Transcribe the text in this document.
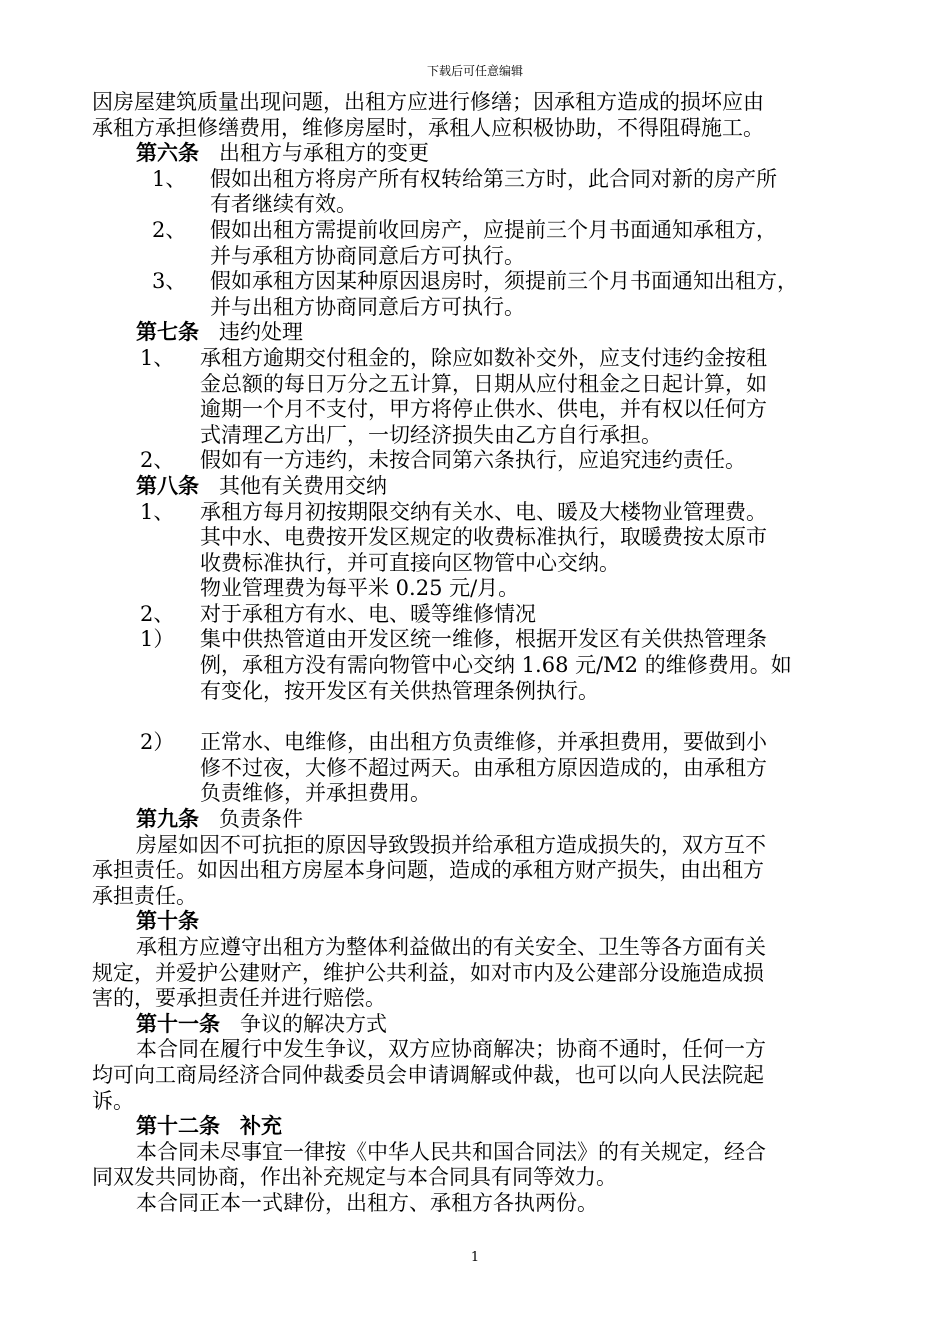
下载后可任意编辑

因房屋建筑质量出现问题，出租方应进行修缮；因承租方造成的损坏应由

承租方承担修缮费用，维修房屋时，承租人应积极协助，不得阻碍施工。

第六条 出租方与承租方的变更

1、 假如出租方将房产所有权转给第三方时，此合同对新的房产所

有者继续有效。

2、 假如出租方需提前收回房产，应提前三个月书面通知承租方，

并与承租方协商同意后方可执行。

3、 假如承租方因某种原因退房时，须提前三个月书面通知出租方，

并与出租方协商同意后方可执行。

第七条 违约处理

1、 承租方逾期交付租金的，除应如数补交外，应支付违约金按租

金总额的每日万分之五计算，日期从应付租金之日起计算，如

逾期一个月不支付，甲方将停止供水、供电，并有权以任何方

式清理乙方出厂，一切经济损失由乙方自行承担。

2、 假如有一方违约，未按合同第六条执行，应追究违约责任。

第八条 其他有关费用交纳

1、 承租方每月初按期限交纳有关水、电、暖及大楼物业管理费。

其中水、电费按开发区规定的收费标准执行，取暖费按太原市

收费标准执行，并可直接向区物管中心交纳。

物业管理费为每平米 0.25 元/月。

2、 对于承租方有水、电、暖等维修情况

1） 集中供热管道由开发区统一维修，根据开发区有关供热管理条

例，承租方没有需向物管中心交纳 1.68 元/M2 的维修费用。如

有变化，按开发区有关供热管理条例执行。

2） 正常水、电维修，由出租方负责维修，并承担费用，要做到小

修不过夜，大修不超过两天。由承租方原因造成的，由承租方

负责维修，并承担费用。

第九条 负责条件

房屋如因不可抗拒的原因导致毁损并给承租方造成损失的，双方互不

承担责任。如因出租方房屋本身问题，造成的承租方财产损失，由出租方

承担责任。

第十条

承租方应遵守出租方为整体利益做出的有关安全、卫生等各方面有关

规定，并爱护公建财产，维护公共利益，如对市内及公建部分设施造成损

害的，要承担责任并进行赔偿。

第十一条 争议的解决方式

本合同在履行中发生争议，双方应协商解决；协商不通时，任何一方

均可向工商局经济合同仲裁委员会申请调解或仲裁，也可以向人民法院起

诉。

第十二条 补充

本合同未尽事宜一律按《中华人民共和国合同法》的有关规定，经合

同双发共同协商，作出补充规定与本合同具有同等效力。

本合同正本一式肆份，出租方、承租方各执两份。

1
